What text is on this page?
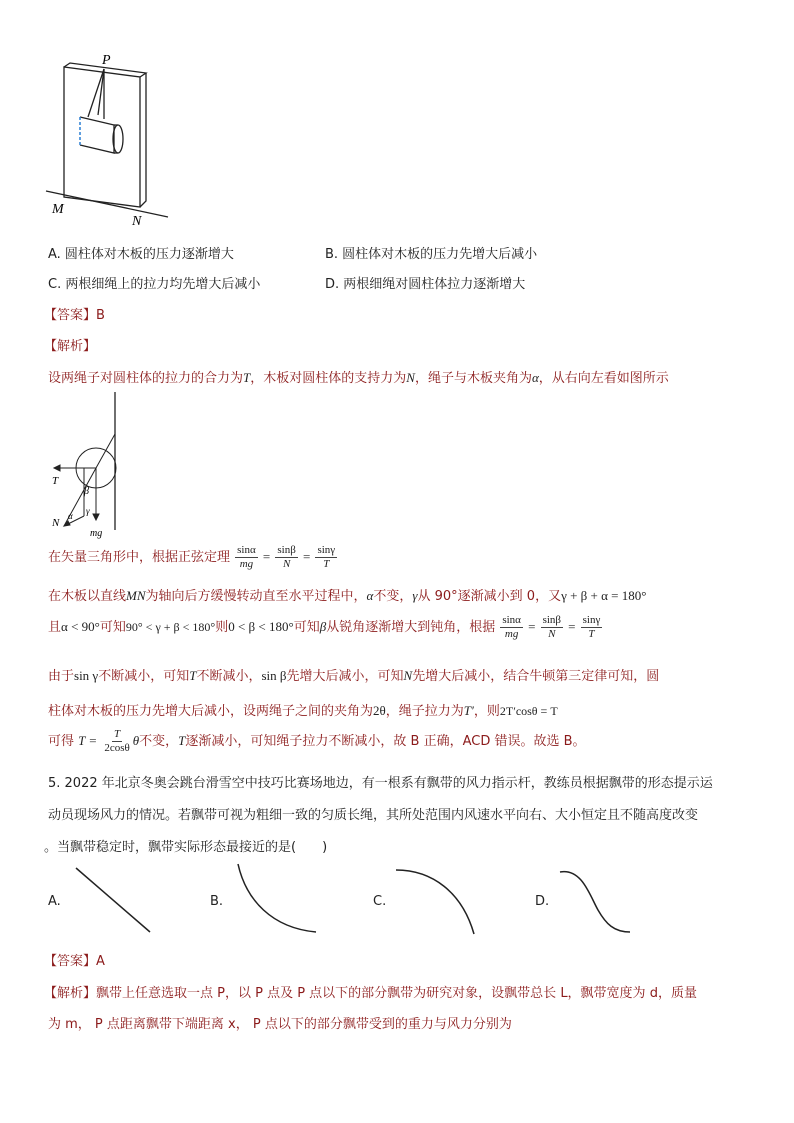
P
M
N
A. 圆柱体对木板的压力逐渐增大	B. 圆柱体对木板的压力先增大后减小
C. 两根细绳上的拉力均先增大后减小	D. 两根细绳对圆柱体拉力逐渐增大
【答案】B
【解析】
设两绳子对圆柱体的拉力的合力为T，木板对圆柱体的支持力为N，绳子与木板夹角为α，从右向左看如图所示
T
β
N
α γ
mg
在矢量三角形中，根据正弦定理 $\frac{\sin\alpha}{mg} = \frac{\sin\beta}{N} = \frac{\sin\gamma}{T}$
在木板以直线MN为轴向后方缓慢转动直至水平过程中，α不变，γ从 90°逐渐减小到 0，又γ + β + α = 180°
且α < 90°可知90° < γ + β < 180°则0 < β < 180°可知β从锐角逐渐增大到钝角，根据 $\frac{\sin\alpha}{mg} = \frac{\sin\beta}{N} = \frac{\sin\gamma}{T}$
由于sin γ不断减小，可知T不断减小，sin β先增大后减小，可知N先增大后减小，结合牛顿第三定律可知，圆
柱体对木板的压力先增大后减小，设两绳子之间的夹角为2θ，绳子拉力为T′，则2T′cosθ = T
可得 $T = \frac{T}{2\cos\theta}$ θ不变，T逐渐减小，可知绳子拉力不断减小，故 B 正确，ACD 错误。故选 B。
5. 2022 年北京冬奥会跳台滑雪空中技巧比赛场地边，有一根系有飘带的风力指示杆，教练员根据飘带的形态提示运
动员现场风力的情况。若飘带可视为粗细一致的匀质长绳，其所处范围内风速水平向右、大小恒定且不随高度改变
。当飘带稳定时，飘带实际形态最接近的是(　　)
A.	B.	C.	D.
【答案】A
【解析】飘带上任意选取一点 P，以 P 点及 P 点以下的部分飘带为研究对象，设飘带总长 L，飘带宽度为 d，质量
为 m， P 点距离飘带下端距离 x， P 点以下的部分飘带受到的重力与风力分别为
